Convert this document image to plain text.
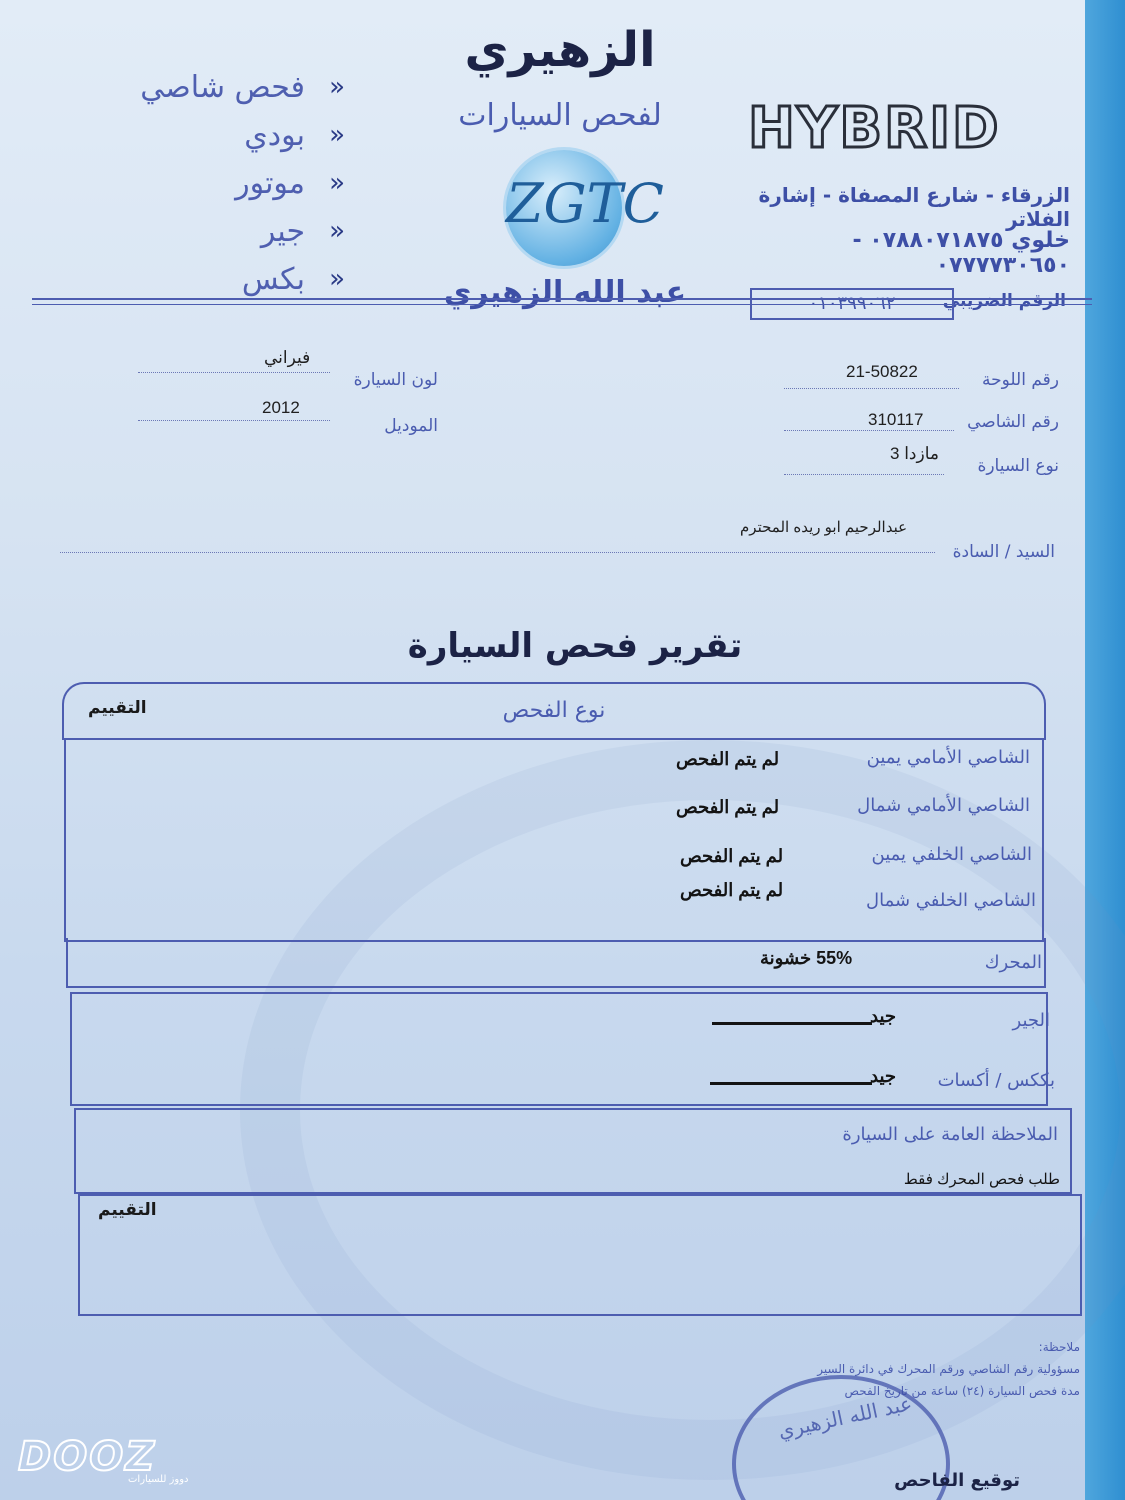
الزهيري
لفحص السيارات
ZGTC
عبد الله الزهيري
«
فحص شاصي
«
بودي
«
موتور
«
جير
«
بكس
HYBRID
الزرقاء - شارع المصفاة - إشارة الفلاتر
خلوي ٠٧٨٨٠٧١٨٧٥ - ٠٧٧٧٧٣٠٦٥٠
الرقم الضريبي
٠١٠٣٩٩٠٦٢
رقم اللوحة
21-50822
رقم الشاصي
310117
نوع السيارة
مازدا 3
لون السيارة
فيراني
الموديل
2012
السيد / السادة
عبدالرحيم ابو ريده المحترم
تقرير فحص السيارة
نوع الفحص
التقييم
الشاصي الأمامي يمين
لم يتم الفحص
الشاصي الأمامي شمال
لم يتم الفحص
الشاصي الخلفي يمين
لم يتم الفحص
الشاصي الخلفي شمال
لم يتم الفحص
المحرك
55% خشونة
الجير
جيد
بككس / أكسات
جيد
الملاحظة العامة على السيارة
طلب فحص المحرك فقط
التقييم
ملاحظة:
مسؤولية رقم الشاصي ورقم المحرك في دائرة السير
مدة فحص السيارة (٢٤) ساعة من تاريخ الفحص
عبد الله الزهيري
توقيع الفاحص
DOOZ
دووز للسيارات
